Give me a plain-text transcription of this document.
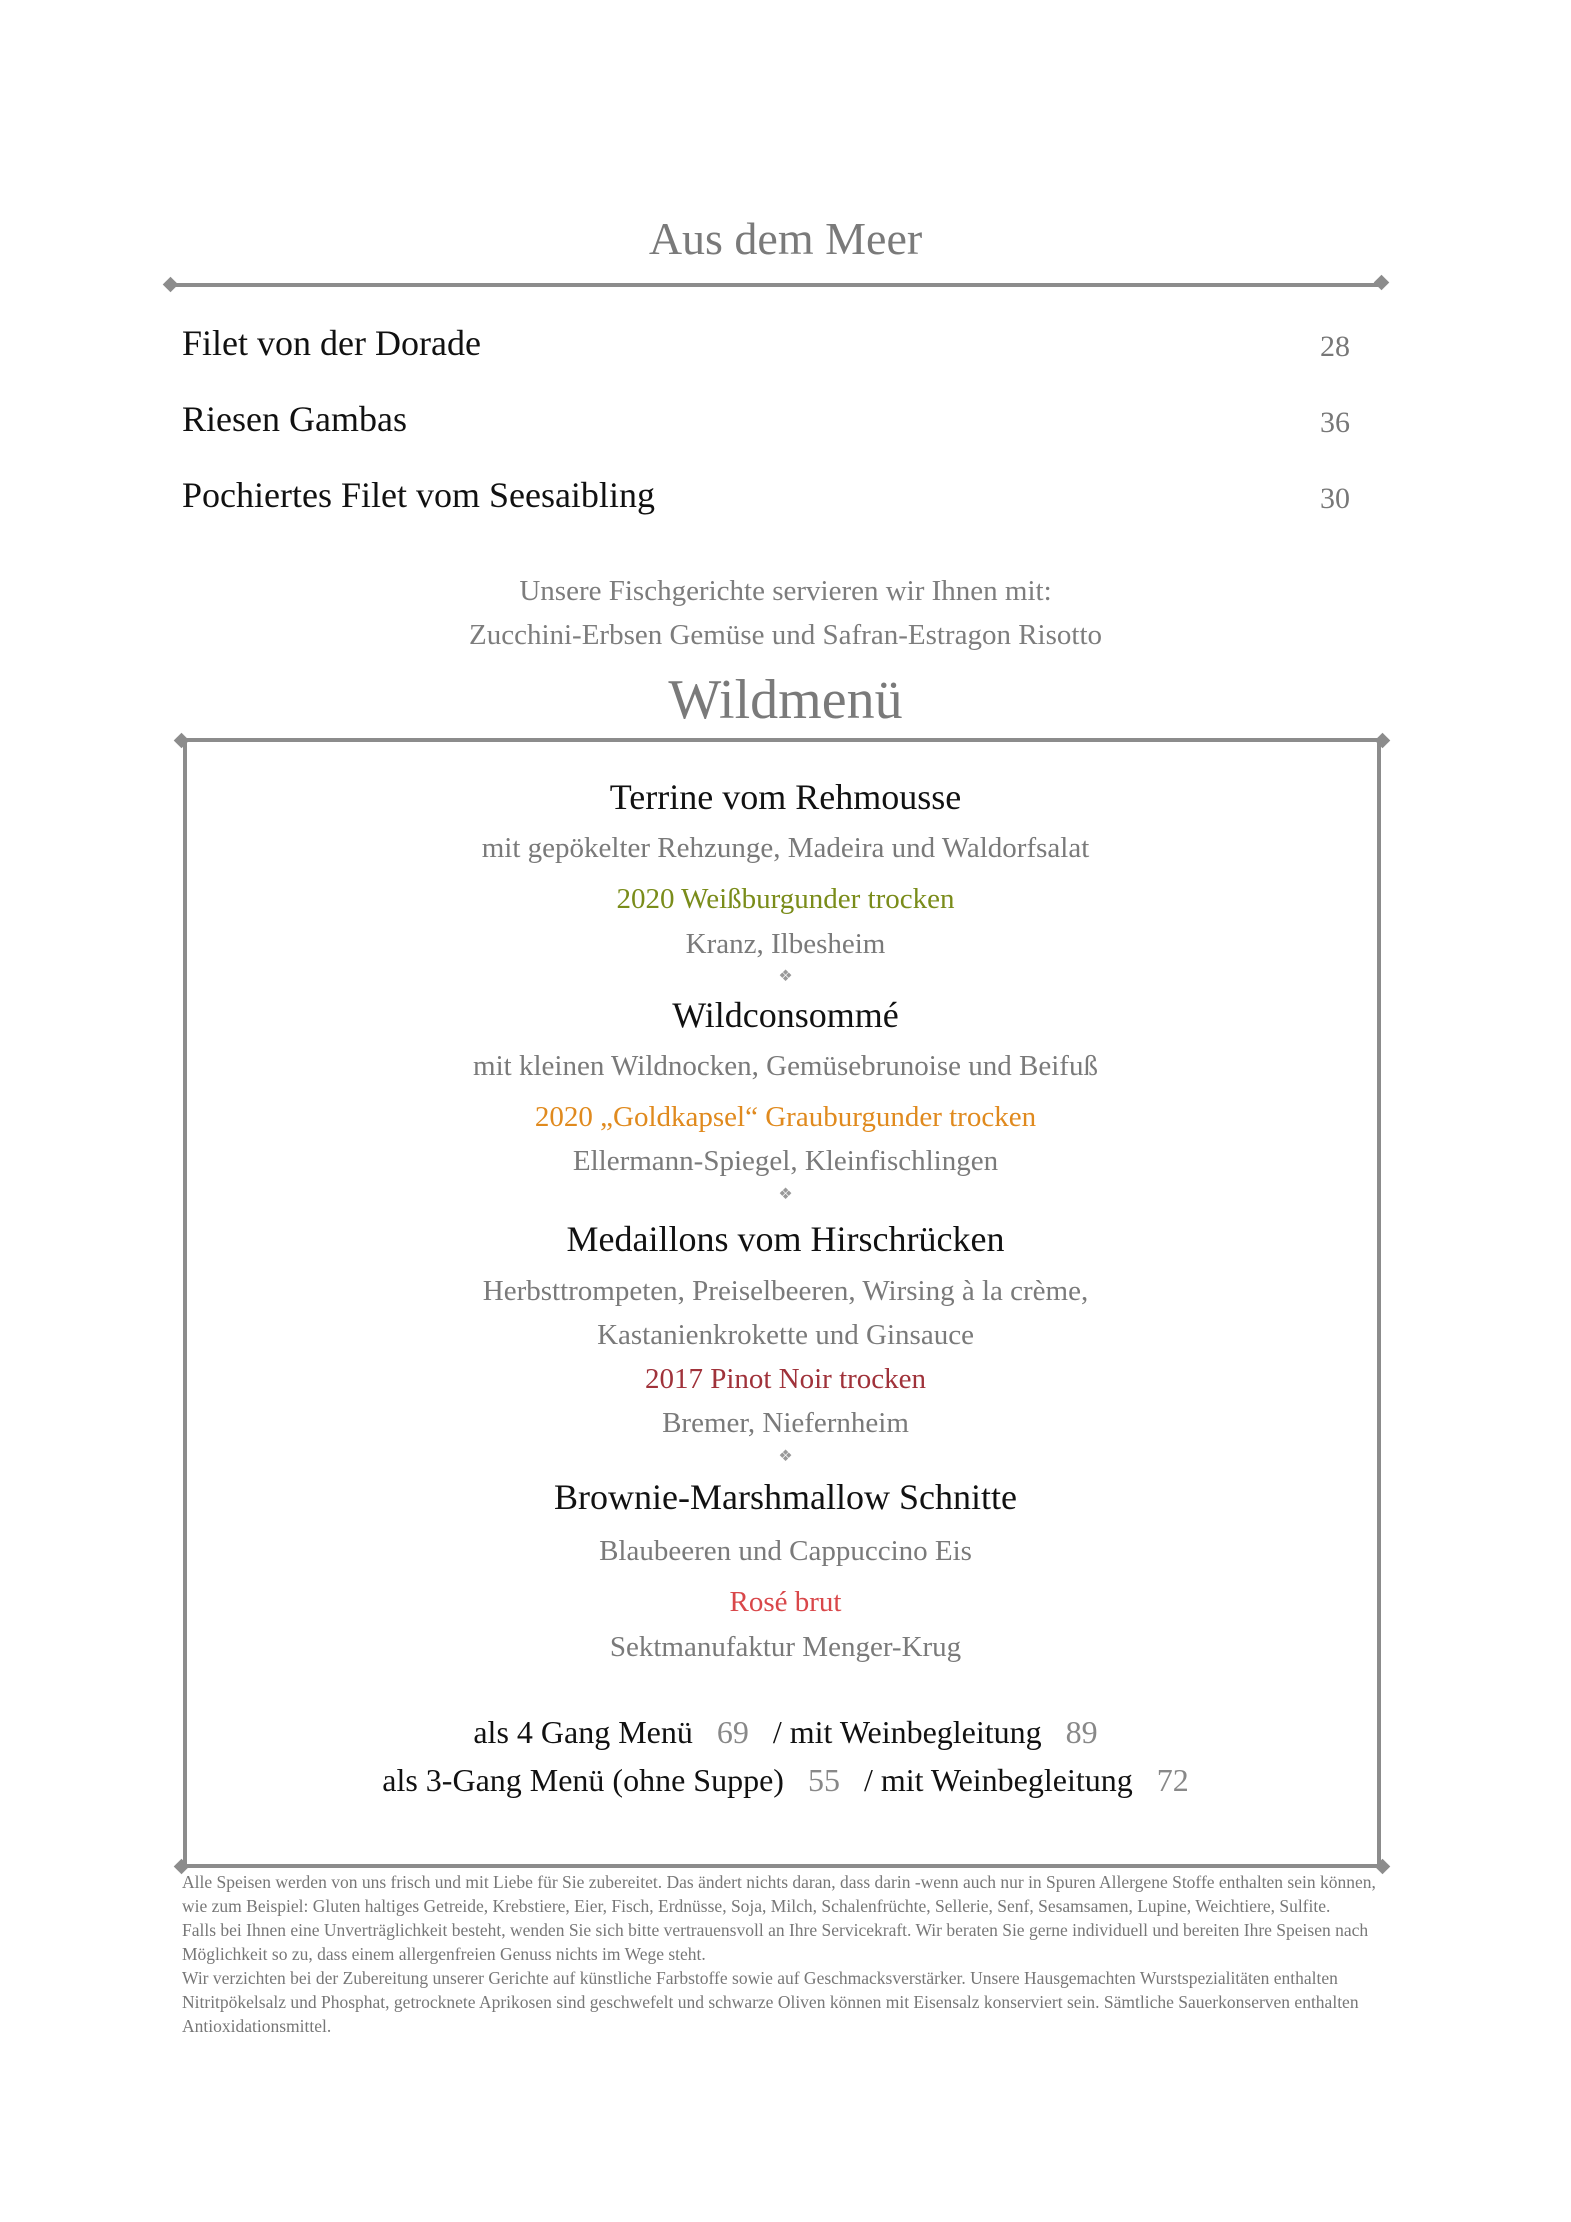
Aus dem Meer
Filet von der Dorade	28
Riesen Gambas	36
Pochiertes Filet vom Seesaibling	30
Unsere Fischgerichte servieren wir Ihnen mit:
Zucchini-Erbsen Gemüse und Safran-Estragon Risotto
Wildmenü
Terrine vom Rehmousse
mit gepökelter Rehzunge, Madeira und Waldorfsalat
2020 Weißburgunder trocken
Kranz, Ilbesheim
❖
Wildconsommé
mit kleinen Wildnocken, Gemüsebrunoise und Beifuß
2020 „Goldkapsel“ Grauburgunder trocken
Ellermann-Spiegel, Kleinfischlingen
❖
Medaillons vom Hirschrücken
Herbsttrompeten, Preiselbeeren, Wirsing à la crème,
Kastanienkrokette und Ginsauce
2017 Pinot Noir trocken
Bremer, Niefernheim
❖
Brownie-Marshmallow Schnitte
Blaubeeren und Cappuccino Eis
Rosé brut
Sektmanufaktur Menger-Krug
als 4 Gang Menü 69 / mit Weinbegleitung 89
als 3-Gang Menü (ohne Suppe) 55 / mit Weinbegleitung 72

Alle Speisen werden von uns frisch und mit Liebe für Sie zubereitet. Das ändert nichts daran, dass darin -wenn auch nur in Spuren Allergene Stoffe enthalten sein können, wie zum Beispiel: Gluten haltiges Getreide, Krebstiere, Eier, Fisch, Erdnüsse, Soja, Milch, Schalenfrüchte, Sellerie, Senf, Sesamsamen, Lupine, Weichtiere, Sulfite.

Falls bei Ihnen eine Unverträglichkeit besteht, wenden Sie sich bitte vertrauensvoll an Ihre Servicekraft. Wir beraten Sie gerne individuell und bereiten Ihre Speisen nach Möglichkeit so zu, dass einem allergenfreien Genuss nichts im Wege steht.

Wir verzichten bei der Zubereitung unserer Gerichte auf künstliche Farbstoffe sowie auf Geschmacksverstärker. Unsere Hausgemachten Wurstspezialitäten enthalten Nitritpökelsalz und Phosphat, getrocknete Aprikosen sind geschwefelt und schwarze Oliven können mit Eisensalz konserviert sein. Sämtliche Sauerkonserven enthalten Antioxidationsmittel.
